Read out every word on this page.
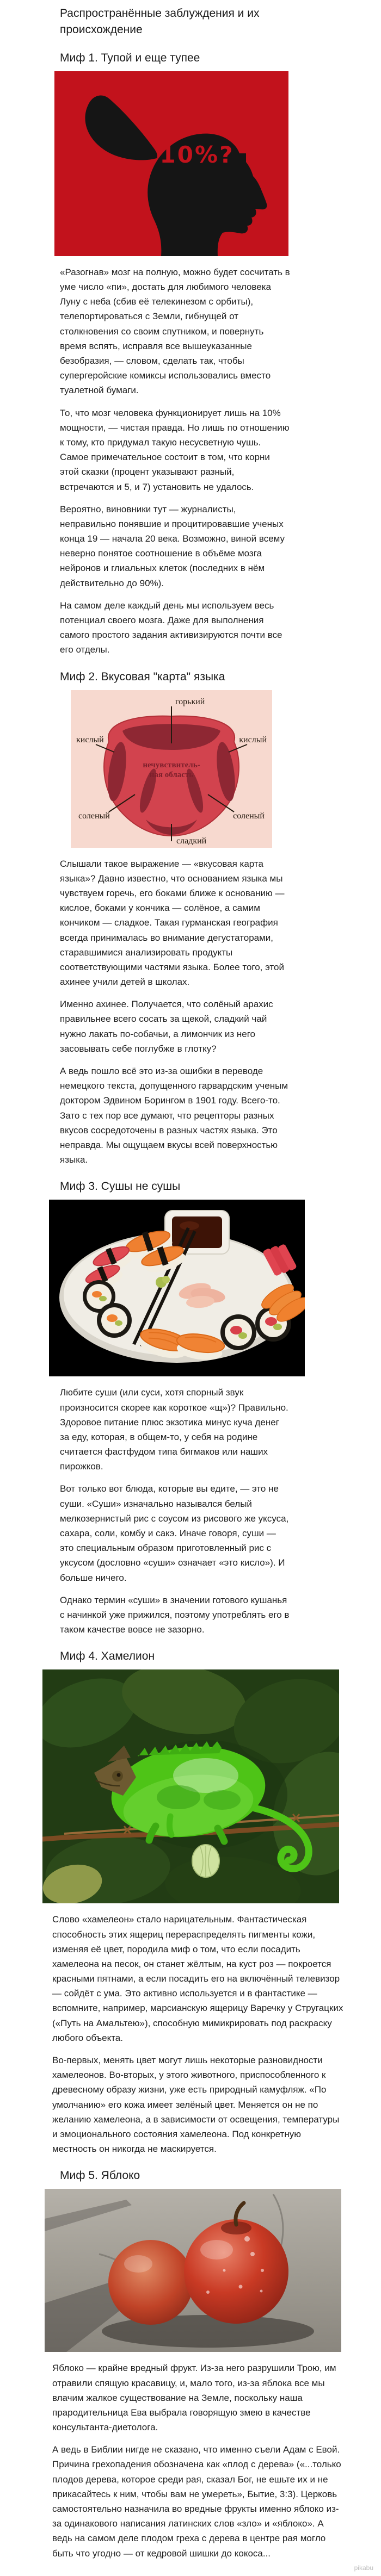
Распространённые заблуждения и их происхождение
Миф 1. Тупой и еще тупее
10%?

«Разогнав» мозг на полную, можно будет сосчитать в уме число «пи», достать для любимого человека Луну с неба (сбив её телекинезом с орбиты), телепортироваться с Земли, гибнущей от столкновения со своим спутником, и повернуть время вспять, исправля все вышеуказанные безобразия, — словом, сделать так, чтобы супергеройские комиксы использовались вместо туалетной бумаги.

То, что мозг человека функционирует лишь на 10% мощности, — чистая правда. Но лишь по отношению к тому, кто придумал такую несусветную чушь. Самое примечательное состоит в том, что корни этой сказки (процент указывают разный, встречаются и 5, и 7) установить не удалось.

Вероятно, виновники тут — журналисты, неправильно понявшие и процитировавшие ученых конца 19 — начала 20 века. Возможно, виной всему неверно понятое соотношение в объёме мозга нейронов и глиальных клеток (последних в нём действительно до 90%).

На самом деле каждый день мы используем весь потенциал своего мозга. Даже для выполнения самого простого задания активизируются почти все его отделы.

Миф 2. Вкусовая "карта" языка
горький
кислый	кислый
нечувствитель-
ная область
соленый	соленый
сладкий

Слышали такое выражение — «вкусовая карта языка»? Давно известно, что основанием языка мы чувствуем горечь, его боками ближе к основанию — кислое, боками у кончика — солёное, а самим кончиком — сладкое. Такая гурманская география всегда принималась во внимание дегустаторами, старавшимися анализировать продукты соответствующими частями языка. Более того, этой ахинее учили детей в школах.

Именно ахинее. Получается, что солёный арахис правильнее всего сосать за щекой, сладкий чай нужно лакать по-собачьи, а лимончик из него засовывать себе поглубже в глотку?

А ведь пошло всё это из-за ошибки в переводе немецкого текста, допущенного гарвардским ученым доктором Эдвином Борингом в 1901 году. Всего-то. Зато с тех пор все думают, что рецепторы разных вкусов сосредоточены в разных частях языка. Это неправда. Мы ощущаем вкусы всей поверхностью языка.

Миф 3. Сушы не сушы

Любите суши (или суси, хотя спорный звук произносится скорее как короткое «щ»)? Правильно. Здоровое питание плюс экзотика минус куча денег за еду, которая, в общем-то, у себя на родине считается фастфудом типа бигмаков или наших пирожков.

Вот только вот блюда, которые вы едите, — это не суши. «Суши» изначально назывался белый мелкозернистый рис с соусом из рисового же уксуса, сахара, соли, комбу и сакэ. Иначе говоря, суши — это специальным образом приготовленный рис с уксусом (дословно «суши» означает «это кисло»). И больше ничего.

Однако термин «суши» в значении готового кушанья с начинкой уже прижился, поэтому употреблять его в таком качестве вовсе не зазорно.

Миф 4. Хамелион

Слово «хамелеон» стало нарицательным. Фантастическая способность этих ящериц перераспределять пигменты кожи, изменяя её цвет, породила миф о том, что если посадить хамелеона на песок, он станет жёлтым, на куст роз — покроется красными пятнами, а если посадить его на включённый телевизор — сойдёт с ума. Это активно используется и в фантастике — вспомните, например, марсианскую ящерицу Варечку у Стругацких («Путь на Амальтею»), способную мимикрировать под раскраску любого объекта.

Во-первых, менять цвет могут лишь некоторые разновидности хамелеонов. Во-вторых, у этого животного, приспособленного к древесному образу жизни, уже есть природный камуфляж. «По умолчанию» его кожа имеет зелёный цвет. Меняется он не по желанию хамелеона, а в зависимости от освещения, температуры и эмоционального состояния хамелеона. Под конкретную местность он никогда не маскируется.

Миф 5. Яблоко

Яблоко — крайне вредный фрукт. Из-за него разрушили Трою, им отравили спящую красавицу, и, мало того, из-за яблока все мы влачим жалкое существование на Земле, поскольку наша прародительница Ева выбрала говорящую змею в качестве консультанта-диетолога.

А ведь в Библии нигде не сказано, что именно съели Адам с Евой. Причина грехопадения обозначена как «плод с дерева» («...только плодов дерева, которое среди рая, сказал Бог, не ешьте их и не прикасайтесь к ним, чтобы вам не умереть», Бытие, 3:3). Церковь самостоятельно назначила во вредные фрукты именно яблоко из-за одинакового написания латинских слов «зло» и «яблоко». А ведь на самом деле плодом греха с дерева в центре рая могло быть что угодно — от кедровой шишки до кокоса...

pikabu
